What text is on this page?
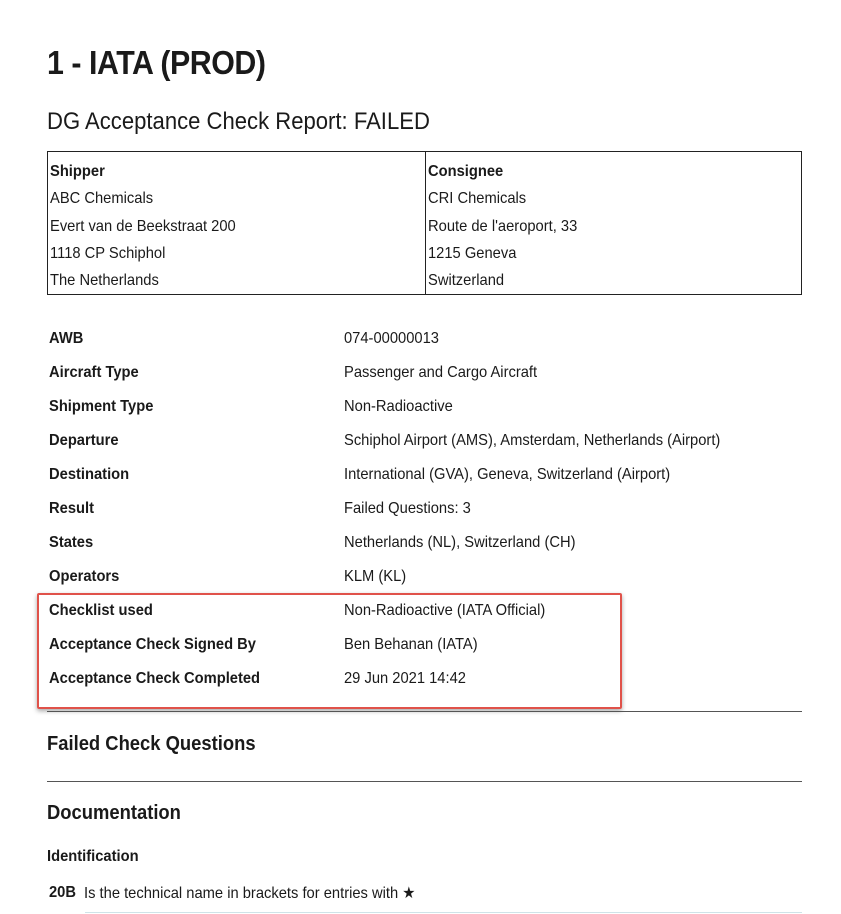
1 - IATA (PROD)
DG Acceptance Check Report: FAILED
Shipper
ABC Chemicals
Evert van de Beekstraat 200
1118 CP Schiphol
The Netherlands
Consignee
CRI Chemicals
Route de l'aeroport, 33
1215 Geneva
Switzerland
AWB	074-00000013
Aircraft Type	Passenger and Cargo Aircraft
Shipment Type	Non-Radioactive
Departure	Schiphol Airport (AMS), Amsterdam, Netherlands (Airport)
Destination	International (GVA), Geneva, Switzerland (Airport)
Result	Failed Questions: 3
States	Netherlands (NL), Switzerland (CH)
Operators	KLM (KL)
Checklist used	Non-Radioactive (IATA Official)
Acceptance Check Signed By	Ben Behanan (IATA)
Acceptance Check Completed	29 Jun 2021 14:42
Failed Check Questions
Documentation
Identification
20B Is the technical name in brackets for entries with ★
